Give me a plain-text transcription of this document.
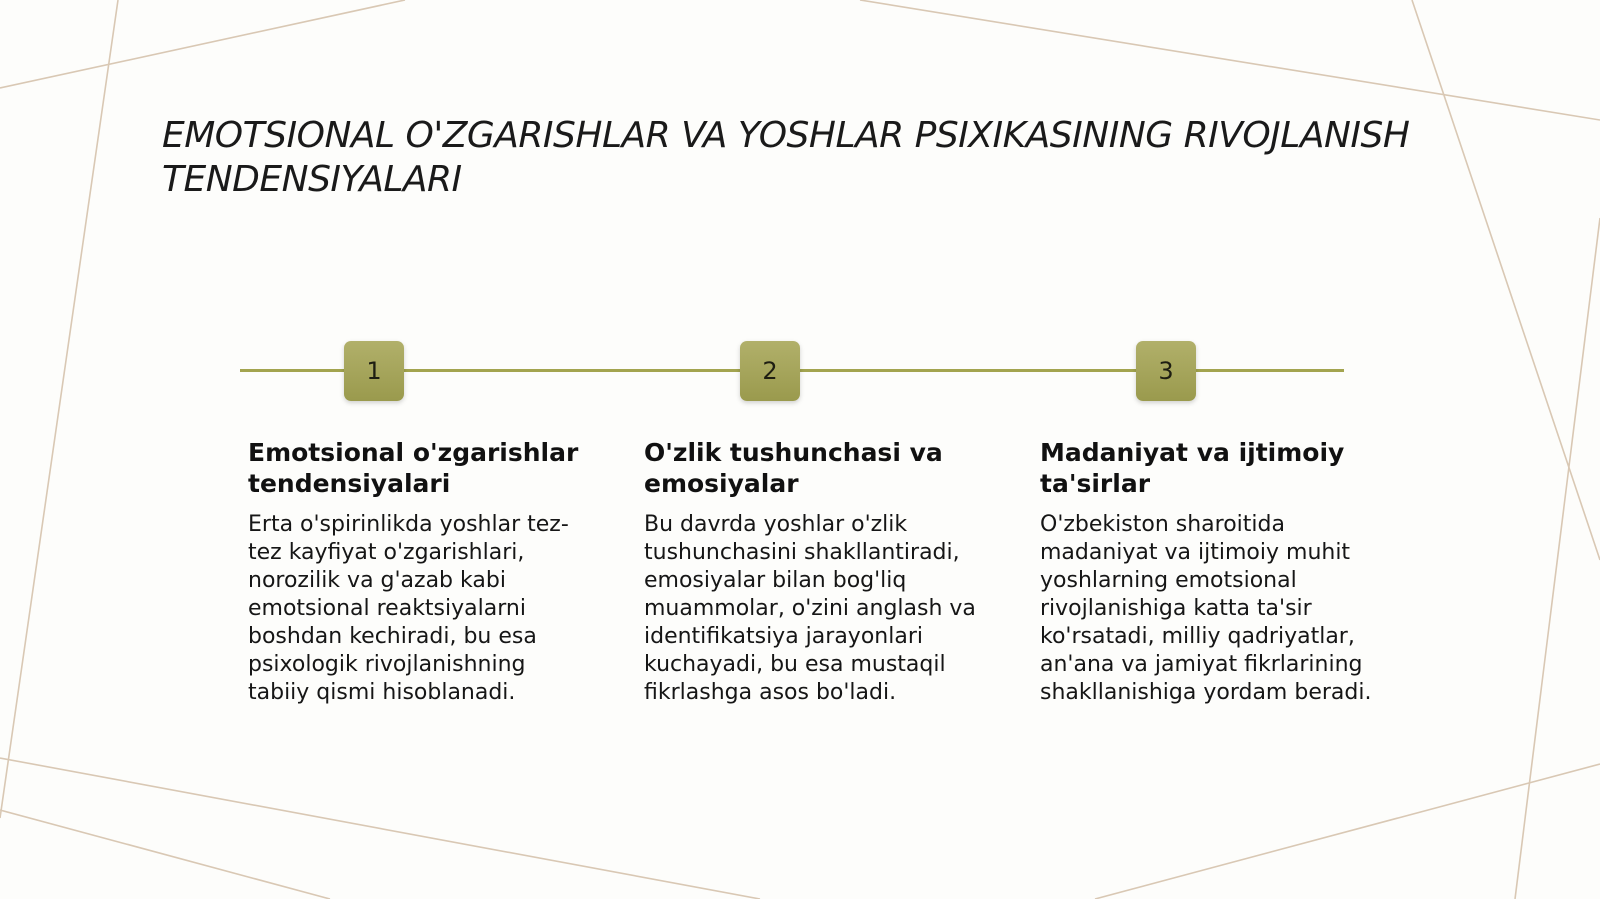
EMOTSIONAL O'ZGARISHLAR VA YOSHLAR PSIXIKASINING RIVOJLANISH TENDENSIYALARI
1	2	3
Emotsional o'zgarishlar tendensiyalari

Erta o'spirinlikda yoshlar tez-tez kayfiyat o'zgarishlari, norozilik va g'azab kabi emotsional reaktsiyalarni boshdan kechiradi, bu esa psixologik rivojlanishning tabiiy qismi hisoblanadi.

O'zlik tushunchasi va emosiyalar

Bu davrda yoshlar o'zlik tushunchasini shakllantiradi, emosiyalar bilan bog'liq muammolar, o'zini anglash va identifikatsiya jarayonlari kuchayadi, bu esa mustaqil fikrlashga asos bo'ladi.

Madaniyat va ijtimoiy ta'sirlar

O'zbekiston sharoitida madaniyat va ijtimoiy muhit yoshlarning emotsional rivojlanishiga katta ta'sir ko'rsatadi, milliy qadriyatlar, an'ana va jamiyat fikrlarining shakllanishiga yordam beradi.
